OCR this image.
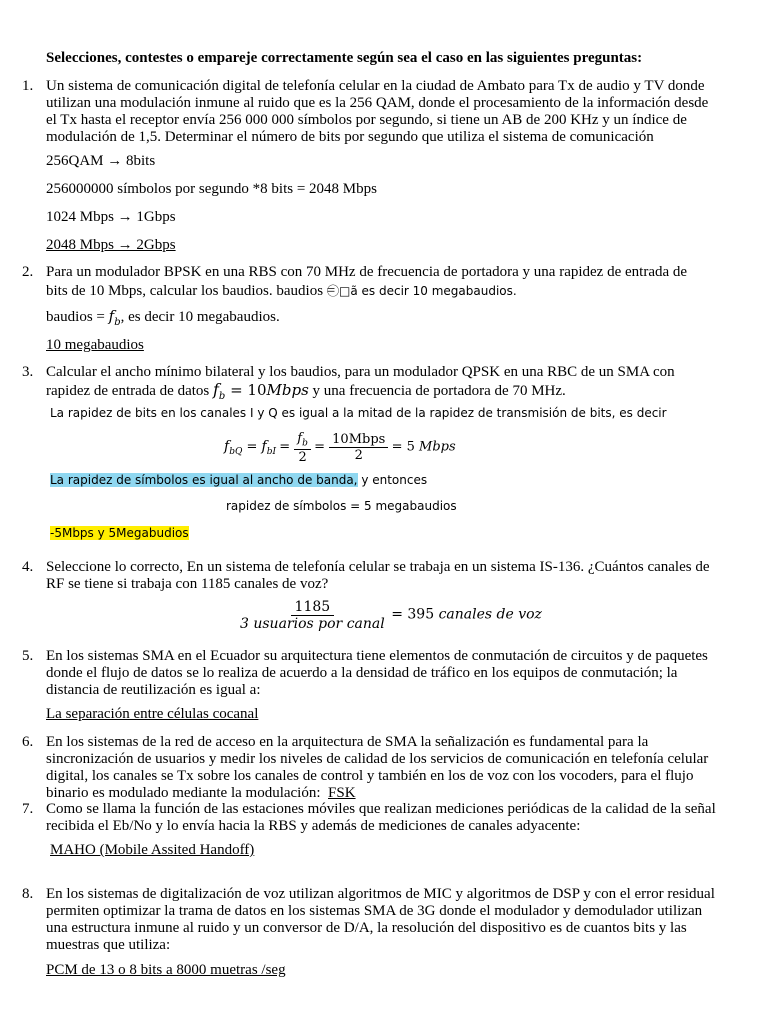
Selecciones, contestes o empareje correctamente según sea el caso en las siguientes preguntas:
1. Un sistema de comunicación digital de telefonía celular en la ciudad de Ambato para Tx de audio y TV donde utilizan una modulación inmune al ruido que es la 256 QAM, donde el procesamiento de la información desde el Tx hasta el receptor envía 256 000 000 símbolos por segundo, si tiene un AB de 200 KHz y un índice de modulación de 1,5. Determinar el número de bits por segundo que utiliza el sistema de comunicación
256QAM → 8bits
256000000 símbolos por segundo *8 bits = 2048 Mbps
1024 Mbps → 1Gbps
2048 Mbps → 2Gbps
2. Para un modulador BPSK en una RBS con 70 MHz de frecuencia de portadora y una rapidez de entrada de
bits de 10 Mbps, calcular los baudios. baudios = ⃝□ã es decir 10 megabaudios.
baudios = $f_b$, es decir 10 megabaudios.
10 megabaudios
3. Calcular el ancho mínimo bilateral y los baudios, para un modulador QPSK en una RBC de un SMA con
rapidez de entrada de datos $f_b$ = 10Mbps y una frecuencia de portadora de 70 MHz.
La rapidez de bits en los canales I y Q es igual a la mitad de la rapidez de transmisión de bits, es decir
$f_{bQ} = f_{bI} = \frac{f_b}{2} = \frac{\text{10Mbps}}{2} = 5$ Mbps
La rapidez de símbolos es igual al ancho de banda, y entonces
rapidez de símbolos = 5 megabaudios
-5Mbps y 5Megabudios
4. Seleccione lo correcto, En un sistema de telefonía celular se trabaja en un sistema IS-136. ¿Cuántos canales de RF se tiene si trabaja con 1185 canales de voz?
$\frac{1185}{\text{3 usuarios por canal}} = 395$ canales de voz
5. En los sistemas SMA en el Ecuador su arquitectura tiene elementos de conmutación de circuitos y de paquetes donde el flujo de datos se lo realiza de acuerdo a la densidad de tráfico en los equipos de conmutación; la distancia de reutilización es igual a:
La separación entre células cocanal
6. En los sistemas de la red de acceso en la arquitectura de SMA la señalización es fundamental para la sincronización de usuarios y medir los niveles de calidad de los servicios de comunicación en telefonía celular digital, los canales se Tx sobre los canales de control y también en los de voz con los vocoders, para el flujo binario es modulado mediante la modulación: FSK
7. Como se llama la función de las estaciones móviles que realizan mediciones periódicas de la calidad de la señal recibida el Eb/No y lo envía hacia la RBS y además de mediciones de canales adyacente:
MAHO (Mobile Assited Handoff)
8. En los sistemas de digitalización de voz utilizan algoritmos de MIC y algoritmos de DSP y con el error residual permiten optimizar la trama de datos en los sistemas SMA de 3G donde el modulador y demodulador utilizan una estructura inmune al ruido y un conversor de D/A, la resolución del dispositivo es de cuantos bits y las muestras que utiliza:
PCM de 13 o 8 bits a 8000 muetras /seg
